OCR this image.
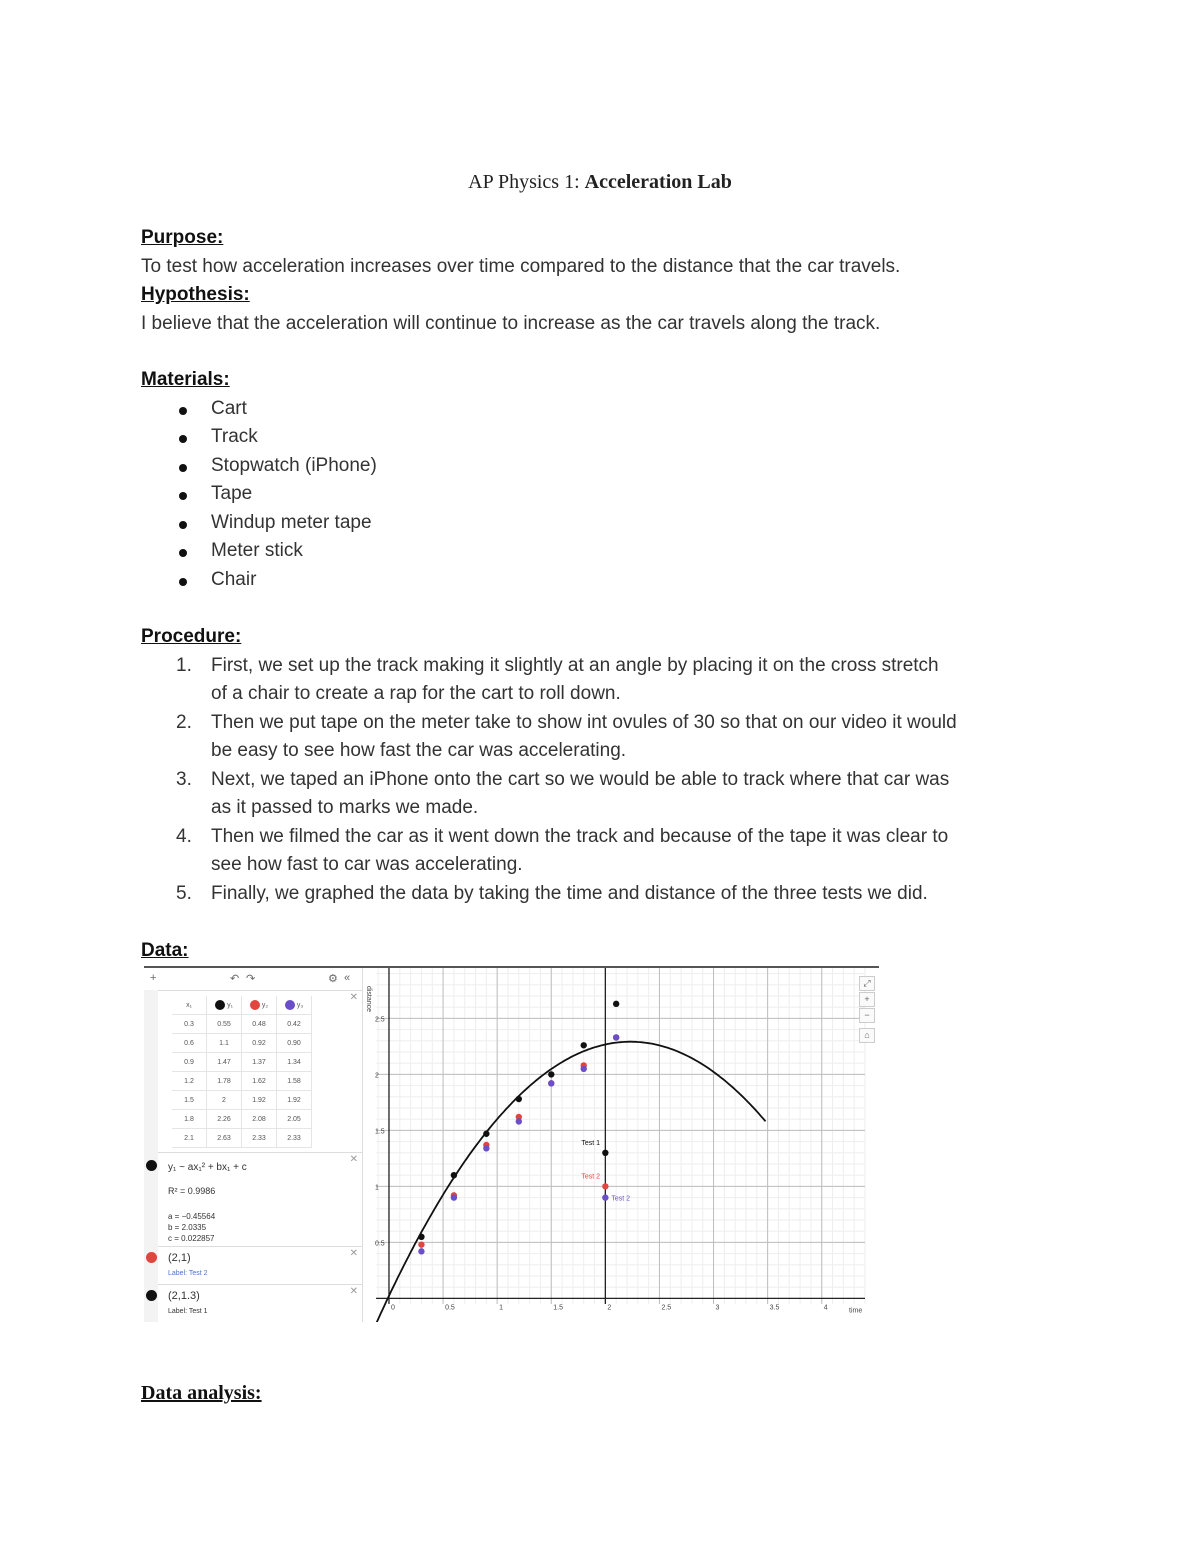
AP Physics 1: Acceleration Lab
Purpose:
To test how acceleration increases over time compared to the distance that the car travels.
Hypothesis:
I believe that the acceleration will continue to increase as the car travels along the track.
Materials:
Cart
Track
Stopwatch (iPhone)
Tape
Windup meter tape
Meter stick
Chair
Procedure:
1. First, we set up the track making it slightly at an angle by placing it on the cross stretch
of a chair to create a rap for the cart to roll down.
2. Then we put tape on the meter take to show int ovules of 30 so that on our video it would
be easy to see how fast the car was accelerating.
3. Next, we taped an iPhone onto the cart so we would be able to track where that car was
as it passed to marks we made.
4. Then we filmed the car as it went down the track and because of the tape it was clear to
see how fast to car was accelerating.
5. Finally, we graphed the data by taking the time and distance of the three tests we did.
Data:
+	↶ ↷	⚙ «
✕
x₁	y₁	y₂	y₃
0.3	0.55	0.48	0.42
0.6	1.1	0.92	0.90
0.9	1.47	1.37	1.34
1.2	1.78	1.62	1.58
1.5	2	1.92	1.92
1.8	2.26	2.08	2.05
2.1	2.63	2.33	2.33
✕
y₁ ~ ax₁² + bx₁ + c
R² = 0.9986
a = −0.45564
b = 2.0335
c = 0.022857
✕
(2,1)
Label: Test 2
✕
(2,1.3)
Label: Test 1
0	0.5	1	1.5	2	2.5	3	3.5	4
0.5
1
1.5
2
2.5
time
distance
Test 1
Test 2
Test 2
⤢
+
−
⌂
Data analysis:
